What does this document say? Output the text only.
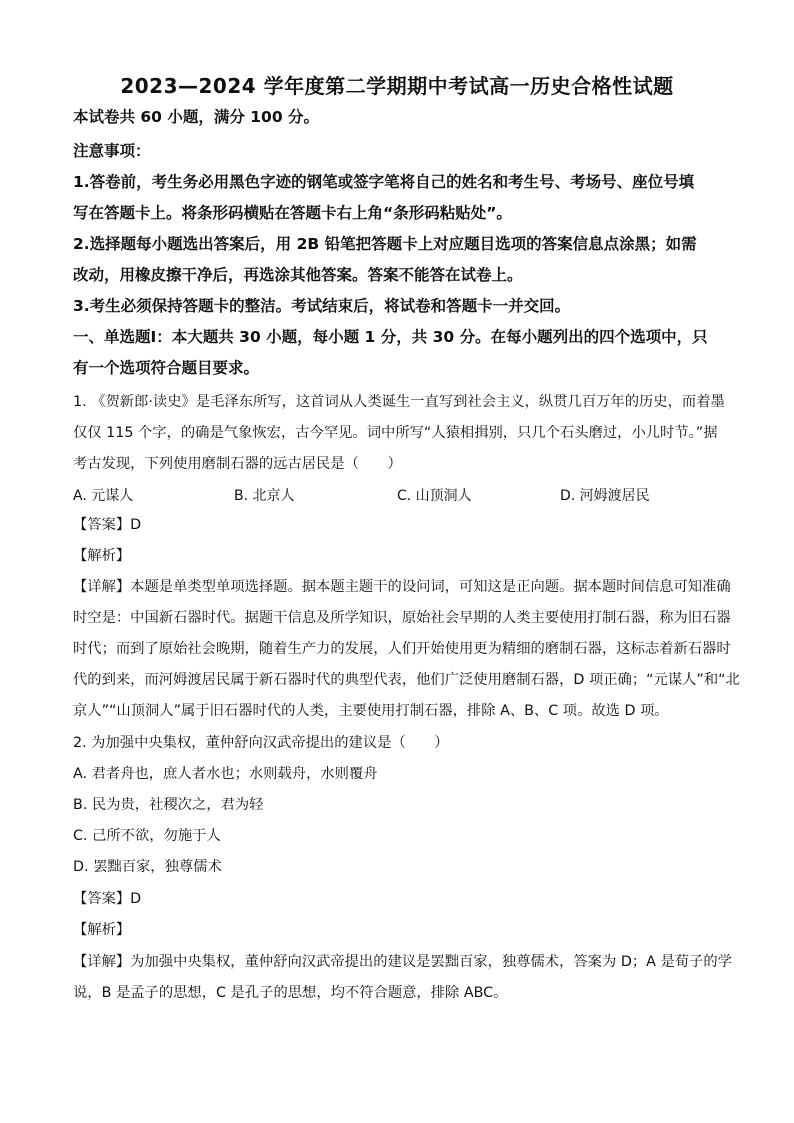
2023—2024 学年度第二学期期中考试高一历史合格性试题
本试卷共 60 小题，满分 100 分。
注意事项：
1.答卷前，考生务必用黑色字迹的钢笔或签字笔将自己的姓名和考生号、考场号、座位号填
写在答题卡上。将条形码横贴在答题卡右上角“条形码粘贴处”。
2.选择题每小题选出答案后，用 2B 铅笔把答题卡上对应题目选项的答案信息点涂黑；如需
改动，用橡皮擦干净后，再选涂其他答案。答案不能答在试卷上。
3.考生必须保持答题卡的整洁。考试结束后，将试卷和答题卡一并交回。
一、单选题Ⅰ：本大题共 30 小题，每小题 1 分，共 30 分。在每小题列出的四个选项中，只
有一个选项符合题目要求。
1. 《贺新郎·读史》是毛泽东所写，这首词从人类诞生一直写到社会主义，纵贯几百万年的历史，而着墨
仅仅 115 个字，的确是气象恢宏，古今罕见。词中所写“人猿相揖别，只几个石头磨过，小儿时节。”据
考古发现，下列使用磨制石器的远古居民是（　　）
A. 元谋人	B. 北京人	C. 山顶洞人	D. 河姆渡居民
【答案】D
【解析】
【详解】本题是单类型单项选择题。据本题主题干的设问词，可知这是正向题。据本题时间信息可知准确
时空是：中国新石器时代。据题干信息及所学知识，原始社会早期的人类主要使用打制石器，称为旧石器
时代；而到了原始社会晚期，随着生产力的发展，人们开始使用更为精细的磨制石器，这标志着新石器时
代的到来，而河姆渡居民属于新石器时代的典型代表，他们广泛使用磨制石器，D 项正确；“元谋人”和“北
京人”“山顶洞人”属于旧石器时代的人类，主要使用打制石器，排除 A、B、C 项。故选 D 项。
2. 为加强中央集权，董仲舒向汉武帝提出的建议是（　　）
A. 君者舟也，庶人者水也；水则载舟，水则覆舟
B. 民为贵，社稷次之，君为轻
C. 己所不欲，勿施于人
D. 罢黜百家，独尊儒术
【答案】D
【解析】
【详解】为加强中央集权，董仲舒向汉武帝提出的建议是罢黜百家，独尊儒术，答案为 D；A 是荀子的学
说，B 是孟子的思想，C 是孔子的思想，均不符合题意，排除 ABC。
